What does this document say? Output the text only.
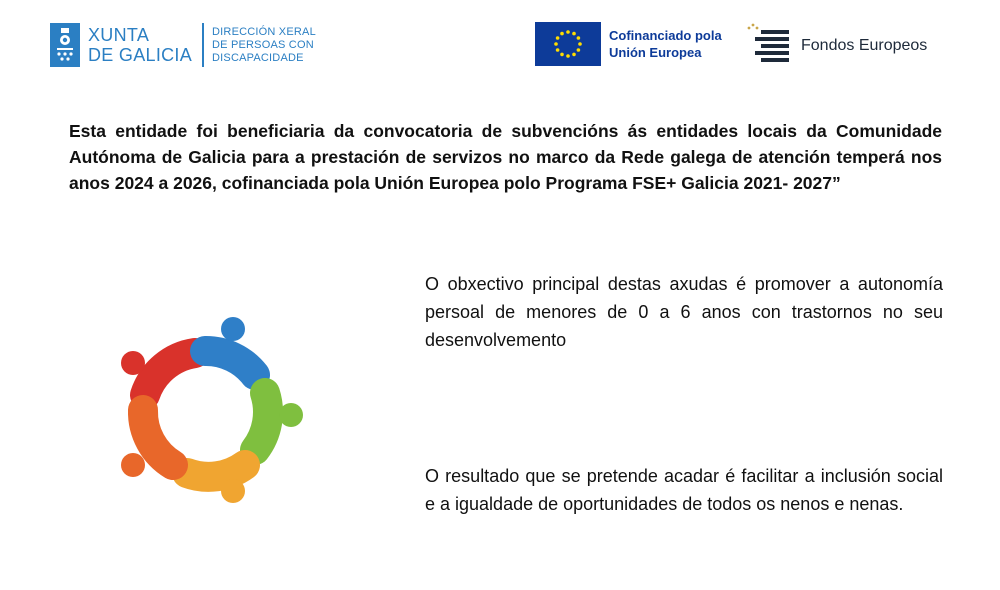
XUNTA
DE GALICIA
DIRECCIÓN XERAL
DE PERSOAS CON
DISCAPACIDADE
Cofinanciado pola
Unión Europea	Fondos Europeos

Esta entidade foi beneficiaria da convocatoria de subvencións ás entidades locais da Comunidade Autónoma de Galicia para a prestación de servizos no marco da Rede galega de atención temperá nos anos 2024 a 2026, cofinanciada pola Unión Europea polo Programa FSE+ Galicia 2021- 2027”

O obxectivo principal destas axudas é promover a autonomía persoal de menores de 0 a 6 anos con trastornos no seu desenvolvemento

O resultado que se pretende acadar é facilitar a inclusión social e a igualdade de oportunidades de todos os nenos e nenas.
